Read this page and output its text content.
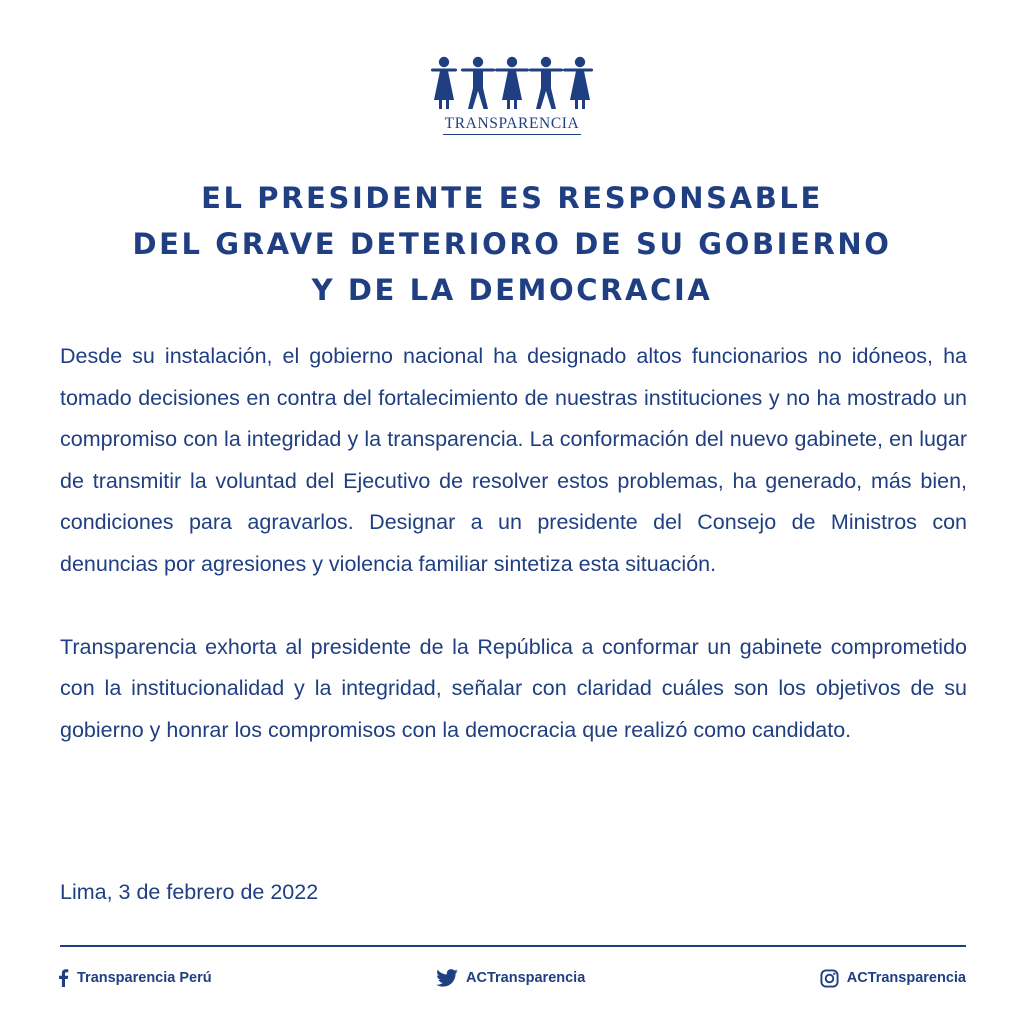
TRANSPARENCIA
EL PRESIDENTE ES RESPONSABLE
DEL GRAVE DETERIORO DE SU GOBIERNO
Y DE LA DEMOCRACIA

Desde su instalación, el gobierno nacional ha designado altos funcionarios no idóneos, ha tomado decisiones en contra del fortalecimiento de nuestras instituciones y no ha mostrado un compromiso con la integridad y la transparencia. La conformación del nuevo gabinete, en lugar de transmitir la voluntad del Ejecutivo de resolver estos problemas, ha generado, más bien, condiciones para agravarlos. Designar a un presidente del Consejo de Ministros con denuncias por agresiones y violencia familiar sintetiza esta situación.

Transparencia exhorta al presidente de la República a conformar un gabinete comprometido con la institucionalidad y la integridad, señalar con claridad cuáles son los objetivos de su gobierno y honrar los compromisos con la democracia que realizó como candidato.

Lima, 3 de febrero de 2022
Transparencia Perú	ACTransparencia	ACTransparencia
